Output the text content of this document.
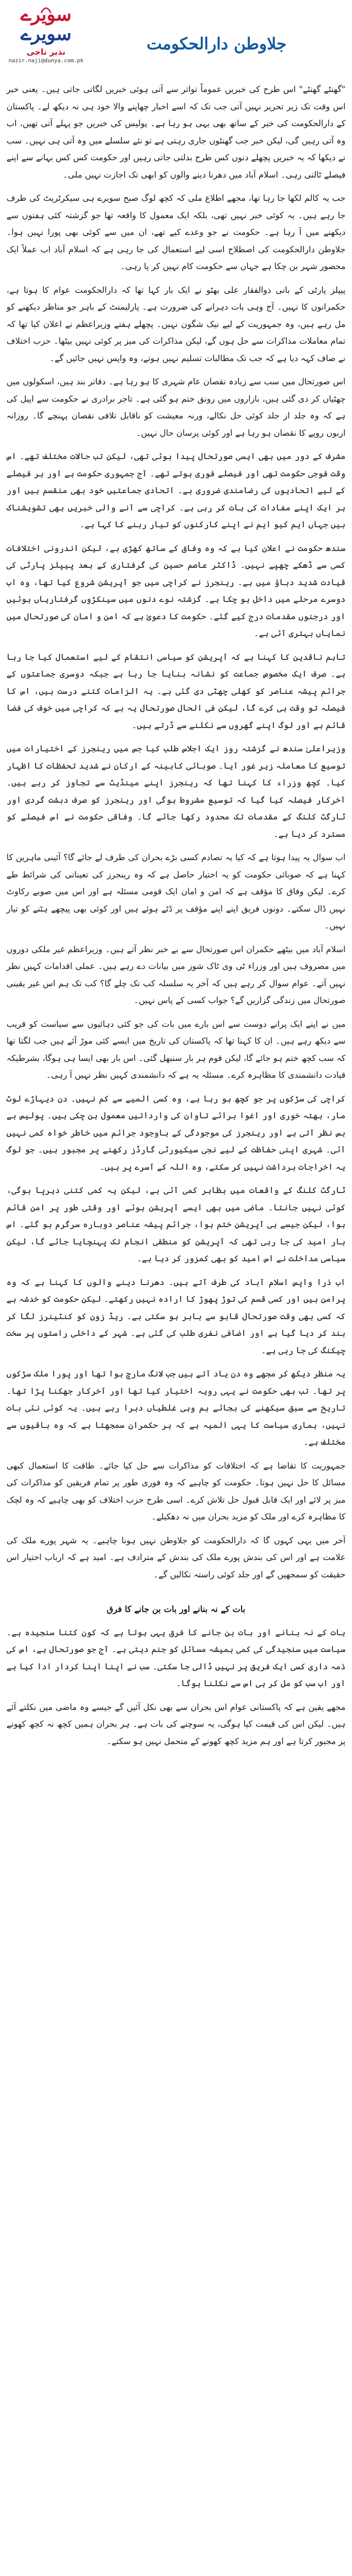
سویرے
سویرے
نذیر ناجی
nazir.naji@dunya.com.pk
جلاوطن دارالحکومت

"گھنٹے گھنٹے" اس طرح کی خبریں عموماً تواتر سے آتی ہوئی خبریں لگاتی جاتی ہیں۔ یعنی خبر اس وقت تک زیر تحریر نہیں آتی جب تک کہ اسے اخبار چھاپنے والا خود ہی نہ دیکھ لے۔ پاکستان کے دارالحکومت کی خبر کے ساتھ بھی یہی ہو رہا ہے۔ پولیس کی خبریں جو پہلے آتی تھیں، اب وہ آتی رہیں گی، لیکن خبر جب گھنٹوں جاری رہتی ہے تو نئے سلسلے میں وہ آتی ہی نہیں۔ سب نے دیکھا کہ یہ خبریں پچھلے دنوں کس طرح بدلتی جاتی رہیں اور حکومت کس کس بہانے سے اپنے فیصلے ٹالتی رہی۔ اسلام آباد میں دھرنا دینے والوں کو ابھی تک اجازت نہیں ملی۔

جب یہ کالم لکھا جا رہا تھا، مجھے اطلاع ملی کہ کچھ لوگ صبح سویرے ہی سیکرٹریٹ کی طرف جا رہے ہیں۔ یہ کوئی خبر نہیں تھی، بلکہ ایک معمول کا واقعہ تھا جو گزشتہ کئی ہفتوں سے دیکھنے میں آ رہا ہے۔ حکومت نے جو وعدے کیے تھے، ان میں سے کوئی بھی پورا نہیں ہوا۔ جلاوطن دارالحکومت کی اصطلاح اسی لیے استعمال کی جا رہی ہے کہ اسلام آباد اب عملاً ایک محصور شہر بن چکا ہے جہاں سے حکومت کام نہیں کر پا رہی۔

پیپلز پارٹی کے بانی ذوالفقار علی بھٹو نے ایک بار کہا تھا کہ دارالحکومت عوام کا ہوتا ہے، حکمرانوں کا نہیں۔ آج وہی بات دہرانے کی ضرورت ہے۔ پارلیمنٹ کے باہر جو مناظر دیکھنے کو مل رہے ہیں، وہ جمہوریت کے لیے نیک شگون نہیں۔ پچھلے ہفتے وزیراعظم نے اعلان کیا تھا کہ تمام معاملات مذاکرات سے حل ہوں گے، لیکن مذاکرات کی میز پر کوئی نہیں بیٹھا۔ حزب اختلاف نے صاف کہہ دیا ہے کہ جب تک مطالبات تسلیم نہیں ہوتے، وہ واپس نہیں جائیں گے۔

اس صورتحال میں سب سے زیادہ نقصان عام شہری کا ہو رہا ہے۔ دفاتر بند ہیں، اسکولوں میں چھٹیاں کر دی گئی ہیں، بازاروں میں رونق ختم ہو گئی ہے۔ تاجر برادری نے حکومت سے اپیل کی ہے کہ وہ جلد از جلد کوئی حل نکالے، ورنہ معیشت کو ناقابل تلافی نقصان پہنچے گا۔ روزانہ اربوں روپے کا نقصان ہو رہا ہے اور کوئی پرسان حال نہیں۔

مشرف کے دور میں بھی ایسی صورتحال پیدا ہوئی تھی، لیکن تب حالات مختلف تھے۔ اس وقت فوجی حکومت تھی اور فیصلے فوری ہوتے تھے۔ آج جمہوری حکومت ہے اور ہر فیصلے کے لیے اتحادیوں کی رضامندی ضروری ہے۔ اتحادی جماعتیں خود بھی منقسم ہیں اور ہر ایک اپنے مفادات کی بات کر رہی ہے۔ کراچی سے آنے والی خبریں بھی تشویشناک ہیں جہاں ایم کیو ایم نے اپنے کارکنوں کو تیار رہنے کا کہا ہے۔

سندھ حکومت نے اعلان کیا ہے کہ وہ وفاق کے ساتھ کھڑی ہے، لیکن اندرونی اختلافات کسی سے ڈھکے چھپے نہیں۔ ڈاکٹر عاصم حسین کی گرفتاری کے بعد پیپلز پارٹی کی قیادت شدید دباؤ میں ہے۔ رینجرز نے کراچی میں جو آپریشن شروع کیا تھا، وہ اب دوسرے مرحلے میں داخل ہو چکا ہے۔ گزشتہ نوے دنوں میں سینکڑوں گرفتاریاں ہوئیں اور درجنوں مقدمات درج کیے گئے۔ حکومت کا دعویٰ ہے کہ امن و امان کی صورتحال میں نمایاں بہتری آئی ہے۔

تاہم ناقدین کا کہنا ہے کہ آپریشن کو سیاسی انتقام کے لیے استعمال کیا جا رہا ہے۔ صرف ایک مخصوص جماعت کو نشانہ بنایا جا رہا ہے جبکہ دوسری جماعتوں کے جرائم پیشہ عناصر کو کھلی چھٹی دی گئی ہے۔ یہ الزامات کتنے درست ہیں، اس کا فیصلہ تو وقت ہی کرے گا، لیکن فی الحال صورتحال یہ ہے کہ کراچی میں خوف کی فضا قائم ہے اور لوگ اپنے گھروں سے نکلنے سے ڈرتے ہیں۔

وزیراعلیٰ سندھ نے گزشتہ روز ایک اجلاس طلب کیا جس میں رینجرز کے اختیارات میں توسیع کا معاملہ زیر غور آیا۔ صوبائی کابینہ کے ارکان نے شدید تحفظات کا اظہار کیا۔ کچھ وزراء کا کہنا تھا کہ رینجرز اپنے مینڈیٹ سے تجاوز کر رہے ہیں۔ آخرکار فیصلہ کیا گیا کہ توسیع مشروط ہوگی اور رینجرز کو صرف دہشت گردی اور ٹارگٹ کلنگ کے مقدمات تک محدود رکھا جائے گا۔ وفاقی حکومت نے اس فیصلے کو مسترد کر دیا ہے۔

اب سوال یہ پیدا ہوتا ہے کہ کیا یہ تصادم کسی بڑے بحران کی طرف لے جائے گا؟ آئینی ماہرین کا کہنا ہے کہ صوبائی حکومت کو یہ اختیار حاصل ہے کہ وہ رینجرز کی تعیناتی کی شرائط طے کرے۔ لیکن وفاق کا مؤقف ہے کہ امن و امان ایک قومی مسئلہ ہے اور اس میں صوبے رکاوٹ نہیں ڈال سکتے۔ دونوں فریق اپنے اپنے مؤقف پر ڈٹے ہوئے ہیں اور کوئی بھی پیچھے ہٹنے کو تیار نہیں۔

اسلام آباد میں بیٹھے حکمران اس صورتحال سے بے خبر نظر آتے ہیں۔ وزیراعظم غیر ملکی دوروں میں مصروف ہیں اور وزراء ٹی وی ٹاک شوز میں بیانات دے رہے ہیں۔ عملی اقدامات کہیں نظر نہیں آتے۔ عوام سوال کر رہے ہیں کہ آخر یہ سلسلہ کب تک چلے گا؟ کب تک ہم اس غیر یقینی صورتحال میں زندگی گزاریں گے؟ جواب کسی کے پاس نہیں۔

میں نے اپنے ایک پرانے دوست سے اس بارے میں بات کی جو کئی دہائیوں سے سیاست کو قریب سے دیکھ رہے ہیں۔ ان کا کہنا تھا کہ پاکستان کی تاریخ میں ایسے کئی موڑ آئے ہیں جب لگتا تھا کہ سب کچھ ختم ہو جائے گا، لیکن قوم ہر بار سنبھل گئی۔ اس بار بھی ایسا ہی ہوگا، بشرطیکہ قیادت دانشمندی کا مظاہرہ کرے۔ مسئلہ یہ ہے کہ دانشمندی کہیں نظر نہیں آ رہی۔

کراچی کی سڑکوں پر جو کچھ ہو رہا ہے، وہ کسی المیے سے کم نہیں۔ دن دیہاڑے لوٹ مار، بھتہ خوری اور اغوا برائے تاوان کی وارداتیں معمول بن چکی ہیں۔ پولیس بے بس نظر آتی ہے اور رینجرز کی موجودگی کے باوجود جرائم میں خاطر خواہ کمی نہیں آئی۔ شہری اپنی حفاظت کے لیے نجی سیکیورٹی گارڈز رکھنے پر مجبور ہیں۔ جو لوگ یہ اخراجات برداشت نہیں کر سکتے، وہ اللہ کے آسرے پر ہیں۔

ٹارگٹ کلنگ کے واقعات میں بظاہر کمی آئی ہے، لیکن یہ کمی کتنی دیرپا ہوگی، کوئی نہیں جانتا۔ ماضی میں بھی ایسے آپریشن ہوئے اور وقتی طور پر امن قائم ہوا، لیکن جیسے ہی آپریشن ختم ہوا، جرائم پیشہ عناصر دوبارہ سرگرم ہو گئے۔ اس بار امید کی جا رہی تھی کہ آپریشن کو منطقی انجام تک پہنچایا جائے گا، لیکن سیاسی مداخلت نے اس امید کو بھی کمزور کر دیا ہے۔

اب ذرا واپس اسلام آباد کی طرف آتے ہیں۔ دھرنا دینے والوں کا کہنا ہے کہ وہ پرامن ہیں اور کسی قسم کی توڑ پھوڑ کا ارادہ نہیں رکھتے۔ لیکن حکومت کو خدشہ ہے کہ کسی بھی وقت صورتحال قابو سے باہر ہو سکتی ہے۔ ریڈ زون کو کنٹینرز لگا کر بند کر دیا گیا ہے اور اضافی نفری طلب کی گئی ہے۔ شہر کے داخلی راستوں پر سخت چیکنگ کی جا رہی ہے۔

یہ منظر دیکھ کر مجھے وہ دن یاد آتے ہیں جب لانگ مارچ ہوا تھا اور پورا ملک سڑکوں پر تھا۔ تب بھی حکومت نے یہی رویہ اختیار کیا تھا اور آخرکار جھکنا پڑا تھا۔ تاریخ سے سبق سیکھنے کی بجائے ہم وہی غلطیاں دہرا رہے ہیں۔ یہ کوئی نئی بات نہیں، ہماری سیاست کا یہی المیہ ہے کہ ہر حکمران سمجھتا ہے کہ وہ باقیوں سے مختلف ہے۔

جمہوریت کا تقاضا ہے کہ اختلافات کو مذاکرات سے حل کیا جائے۔ طاقت کا استعمال کبھی مسائل کا حل نہیں ہوتا۔ حکومت کو چاہیے کہ وہ فوری طور پر تمام فریقین کو مذاکرات کی میز پر لائے اور ایک قابل قبول حل تلاش کرے۔ اسی طرح حزب اختلاف کو بھی چاہیے کہ وہ لچک کا مظاہرہ کرے اور ملک کو مزید بحران میں نہ دھکیلے۔

آخر میں یہی کہوں گا کہ دارالحکومت کو جلاوطن نہیں ہونا چاہیے۔ یہ شہر پورے ملک کی علامت ہے اور اس کی بندش پورے ملک کی بندش کے مترادف ہے۔ امید ہے کہ ارباب اختیار اس حقیقت کو سمجھیں گے اور جلد کوئی راستہ نکالیں گے۔

بات کے نہ بنانے اور بات بن جانے کا فرق

بات کے نہ بنانے اور بات بن جانے کا فرق یہی ہوتا ہے کہ کون کتنا سنجیدہ ہے۔ سیاست میں سنجیدگی کی کمی ہمیشہ مسائل کو جنم دیتی ہے۔ آج جو صورتحال ہے، اس کی ذمہ داری کسی ایک فریق پر نہیں ڈالی جا سکتی۔ سب نے اپنا اپنا کردار ادا کیا ہے اور اب سب کو مل کر ہی اس سے نکلنا ہوگا۔

مجھے یقین ہے کہ پاکستانی عوام اس بحران سے بھی نکل آئیں گے جیسے وہ ماضی میں نکلتے آئے ہیں۔ لیکن اس کی قیمت کیا ہوگی، یہ سوچنے کی بات ہے۔ ہر بحران ہمیں کچھ نہ کچھ کھونے پر مجبور کرتا ہے اور ہم مزید کچھ کھونے کے متحمل نہیں ہو سکتے۔
